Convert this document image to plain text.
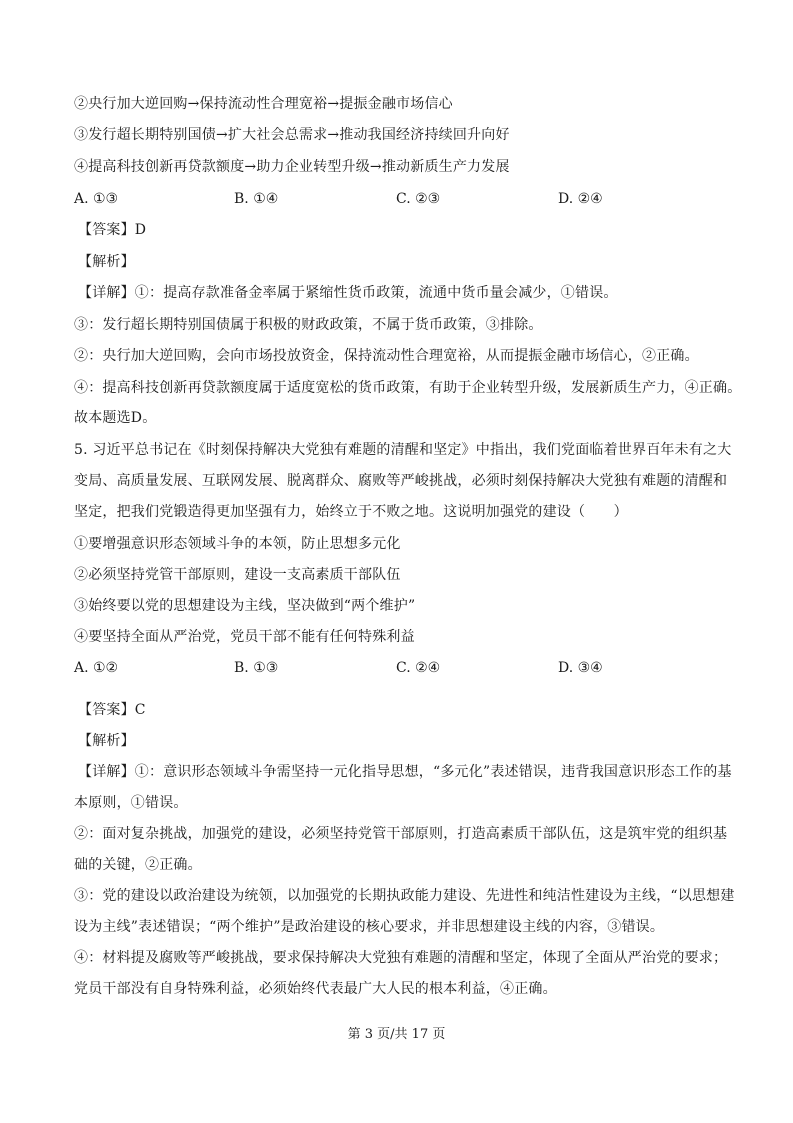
②央行加大逆回购→保持流动性合理宽裕→提振金融市场信心
③发行超长期特别国债→扩大社会总需求→推动我国经济持续回升向好
④提高科技创新再贷款额度→助力企业转型升级→推动新质生产力发展
A. ①③	B. ①④	C. ②③	D. ②④
【答案】D
【解析】
【详解】①：提高存款准备金率属于紧缩性货币政策，流通中货币量会减少，①错误。
③：发行超长期特别国债属于积极的财政政策，不属于货币政策，③排除。
②：央行加大逆回购，会向市场投放资金，保持流动性合理宽裕，从而提振金融市场信心，②正确。
④：提高科技创新再贷款额度属于适度宽松的货币政策，有助于企业转型升级，发展新质生产力，④正确。
故本题选D。
5. 习近平总书记在《时刻保持解决大党独有难题的清醒和坚定》中指出，我们党面临着世界百年未有之大
变局、高质量发展、互联网发展、脱离群众、腐败等严峻挑战，必须时刻保持解决大党独有难题的清醒和
坚定，把我们党锻造得更加坚强有力，始终立于不败之地。这说明加强党的建设（　　）
①要增强意识形态领域斗争的本领，防止思想多元化
②必须坚持党管干部原则，建设一支高素质干部队伍
③始终要以党的思想建设为主线，坚决做到“两个维护”
④要坚持全面从严治党，党员干部不能有任何特殊利益
A. ①②	B. ①③	C. ②④	D. ③④
【答案】C
【解析】
【详解】①：意识形态领域斗争需坚持一元化指导思想，“多元化”表述错误，违背我国意识形态工作的基
本原则，①错误。
②：面对复杂挑战，加强党的建设，必须坚持党管干部原则，打造高素质干部队伍，这是筑牢党的组织基
础的关键，②正确。
③：党的建设以政治建设为统领，以加强党的长期执政能力建设、先进性和纯洁性建设为主线，“以思想建
设为主线”表述错误；“两个维护”是政治建设的核心要求，并非思想建设主线的内容，③错误。
④：材料提及腐败等严峻挑战，要求保持解决大党独有难题的清醒和坚定，体现了全面从严治党的要求；
党员干部没有自身特殊利益，必须始终代表最广大人民的根本利益，④正确。
第 3 页/共 17 页
